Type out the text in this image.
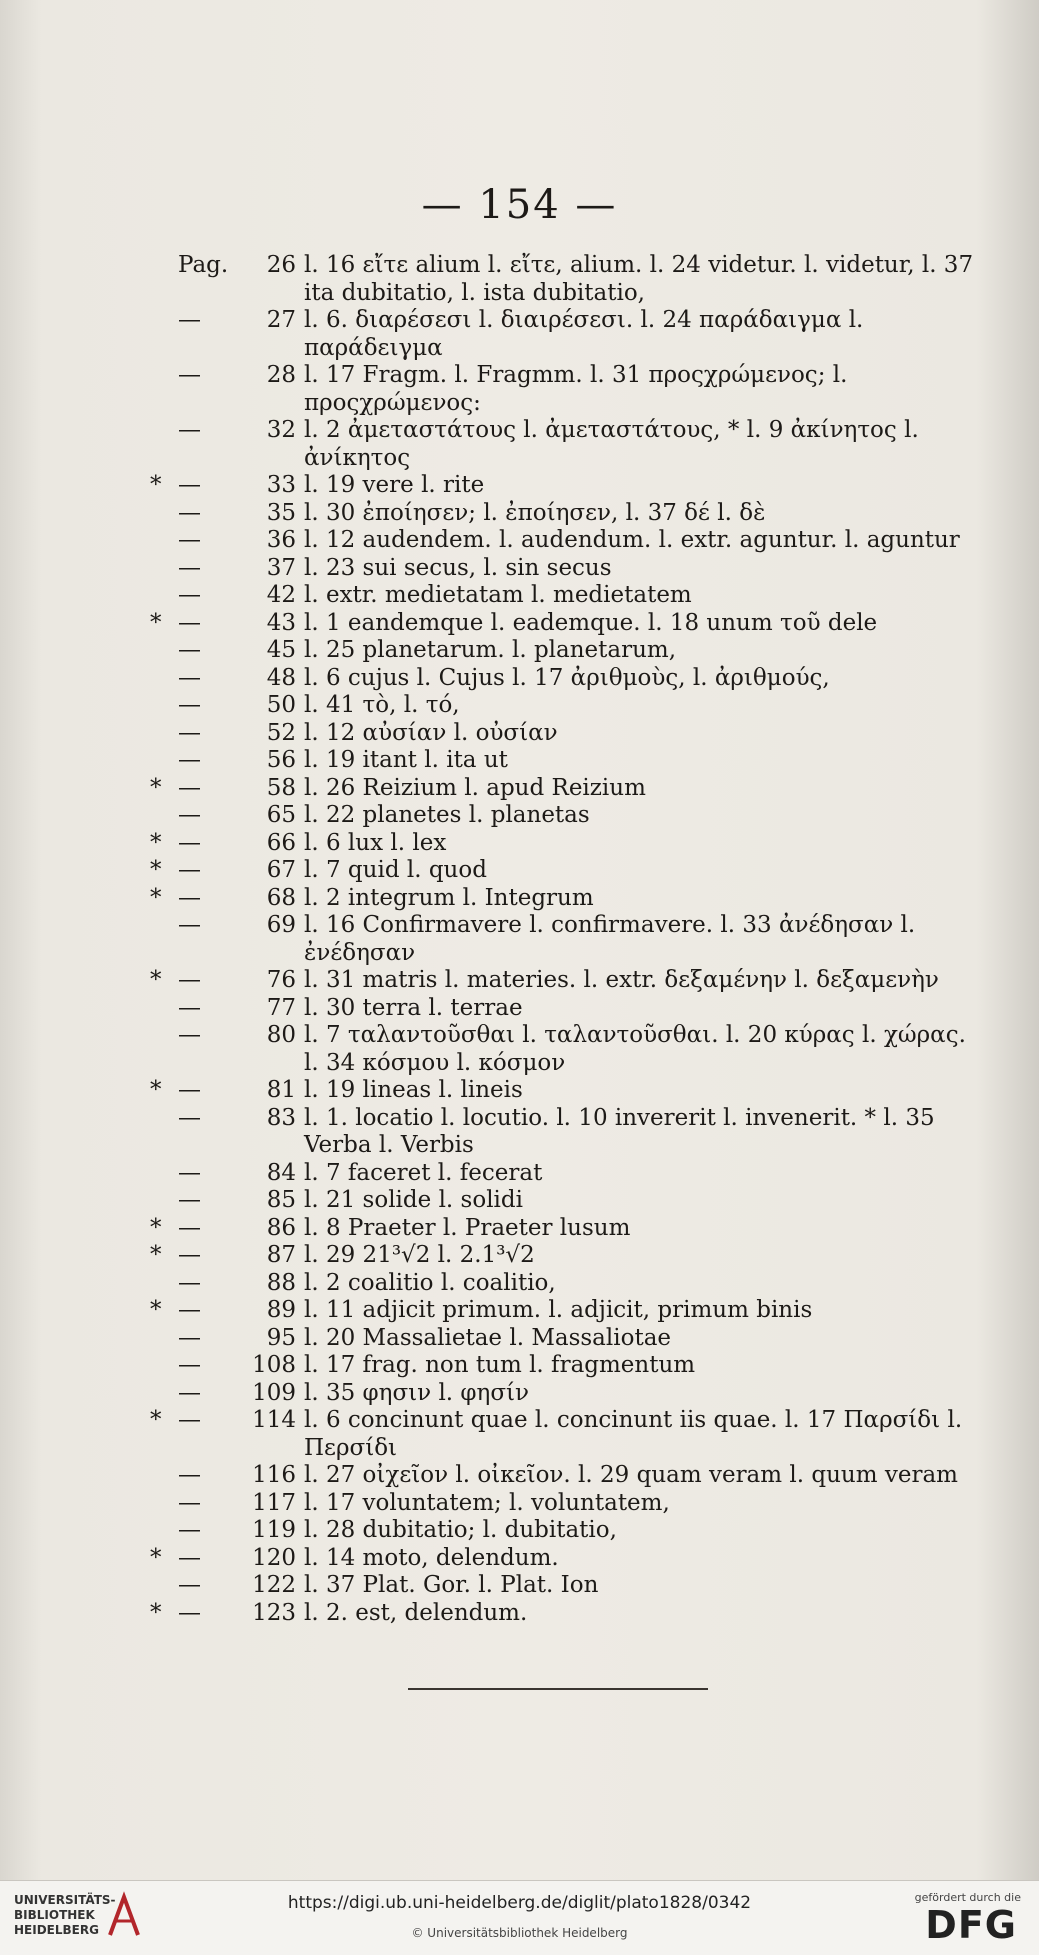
— 154 —
Pag.	26 l. 16 εἴτε alium l. εἴτε, alium. l. 24 videtur. l. videtur, l. 37 ita dubitatio, l. ista dubitatio,
—	27 l. 6. διαρέσεσι l. διαιρέσεσι. l. 24 παράδαιγμα l. παράδειγμα
—	28 l. 17 Fragm. l. Fragmm. l. 31 προςχρώμενος; l. προςχρώμενος:
—	32 l. 2 ἀμεταστάτους l. ἀμεταστάτους, * l. 9 ἀκίνητος l. ἀνίκητος
* —	33 l. 19 vere l. rite
—	35 l. 30 ἐποίησεν; l. ἐποίησεν, l. 37 δέ l. δὲ
—	36 l. 12 audendem. l. audendum. l. extr. aguntur. l. aguntur
—	37 l. 23 sui secus, l. sin secus
—	42 l. extr. medietatam l. medietatem
* —	43 l. 1 eandemque l. eademque. l. 18 unum τοῦ dele
—	45 l. 25 planetarum. l. planetarum,
—	48 l. 6 cujus l. Cujus l. 17 ἀριθμοὺς, l. ἀριθμούς,
—	50 l. 41 τὸ, l. τό,
—	52 l. 12 αὐσίαν l. οὐσίαν
—	56 l. 19 itant l. ita ut
* —	58 l. 26 Reizium l. apud Reizium
—	65 l. 22 planetes l. planetas
* —	66 l. 6 lux l. lex
* —	67 l. 7 quid l. quod
* —	68 l. 2 integrum l. Integrum
—	69 l. 16 Confirmavere l. confirmavere. l. 33 ἀνέδησαν l. ἐνέδησαν
* —	76 l. 31 matris l. materies. l. extr. δεξαμένην l. δεξαμενὴν
—	77 l. 30 terra l. terrae
—	80 l. 7 ταλαντοῦσθαι l. ταλαντοῦσθαι. l. 20 κύρας l. χώρας. l. 34 κόσμου l. κόσμον
* —	81 l. 19 lineas l. lineis
—	83 l. 1. locatio l. locutio. l. 10 invererit l. invenerit. * l. 35 Verba l. Verbis
—	84 l. 7 faceret l. fecerat
—	85 l. 21 solide l. solidi
* —	86 l. 8 Praeter l. Praeter lusum
* —	87 l. 29 21³√2 l. 2.1³√2
—	88 l. 2 coalitio l. coalitio,
* —	89 l. 11 adjicit primum. l. adjicit, primum binis
—	95 l. 20 Massalietae l. Massaliotae
—	108 l. 17 frag. non tum l. fragmentum
—	109 l. 35 φησιν l. φησίν
* —	114 l. 6 concinunt quae l. concinunt iis quae. l. 17 Παρσίδι l. Περσίδι
—	116 l. 27 οἰχεῖον l. οἰκεῖον. l. 29 quam veram l. quum veram
—	117 l. 17 voluntatem; l. voluntatem,
—	119 l. 28 dubitatio; l. dubitatio,
* —	120 l. 14 moto, delendum.
—	122 l. 37 Plat. Gor. l. Plat. Ion
* —	123 l. 2. est, delendum.
UNIVERSITÄTS-
BIBLIOTHEK
HEIDELBERG
https://digi.ub.uni-heidelberg.de/diglit/plato1828/0342
© Universitätsbibliothek Heidelberg
gefördert durch die
DFG
